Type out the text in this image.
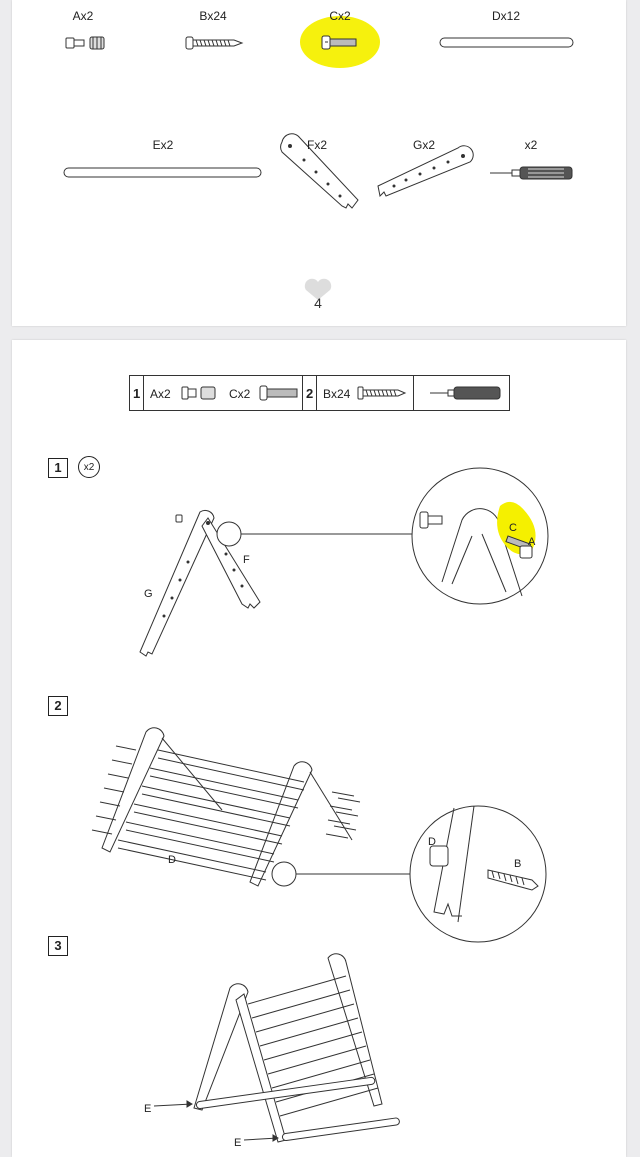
Ax2	Bx24	Cx2	Dx12
Ex2	Fx2	Gx2	x2
4
1 Ax2	Cx2	2 Bx24
1	x2
2
3
G
F
C
A
D
D
B
E
E
